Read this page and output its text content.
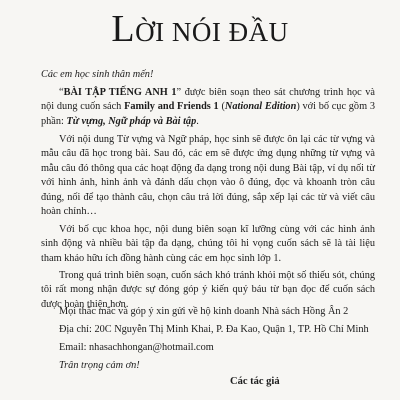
LỜI NÓI ĐẦU

Các em học sinh thân mến!

“BÀI TẬP TIẾNG ANH 1” được biên soạn theo sát chương trình học và nội dung cuốn sách Family and Friends 1 (National Edition) với bố cục gồm 3 phần: Từ vựng, Ngữ pháp và Bài tập.

Với nội dung Từ vựng và Ngữ pháp, học sinh sẽ được ôn lại các từ vựng và mẫu câu đã học trong bài. Sau đó, các em sẽ được ứng dụng những từ vựng và mẫu câu đó thông qua các hoạt động đa dạng trong nội dung Bài tập, ví dụ nối từ với hình ảnh, hình ảnh và đánh dấu chọn vào ô đúng, đọc và khoanh tròn câu đúng, nối để tạo thành câu, chọn câu trả lời đúng, sắp xếp lại các từ và viết câu hoàn chỉnh…

Với bố cục khoa học, nội dung biên soạn kĩ lưỡng cùng với các hình ảnh sinh động và nhiều bài tập đa dạng, chúng tôi hi vọng cuốn sách sẽ là tài liệu tham khảo hữu ích đồng hành cùng các em học sinh lớp 1.

Trong quá trình biên soạn, cuốn sách khó tránh khỏi một số thiếu sót, chúng tôi rất mong nhận được sự đóng góp ý kiến quý báu từ bạn đọc để cuốn sách được hoàn thiện hơn.

Mọi thắc mắc và góp ý xin gửi về hộ kinh doanh Nhà sách Hồng Ân 2

Địa chỉ: 20C Nguyễn Thị Minh Khai, P. Đa Kao, Quận 1, TP. Hồ Chí Minh

Email: nhasachhongan@hotmail.com

Trân trọng cảm ơn!

Các tác giả
